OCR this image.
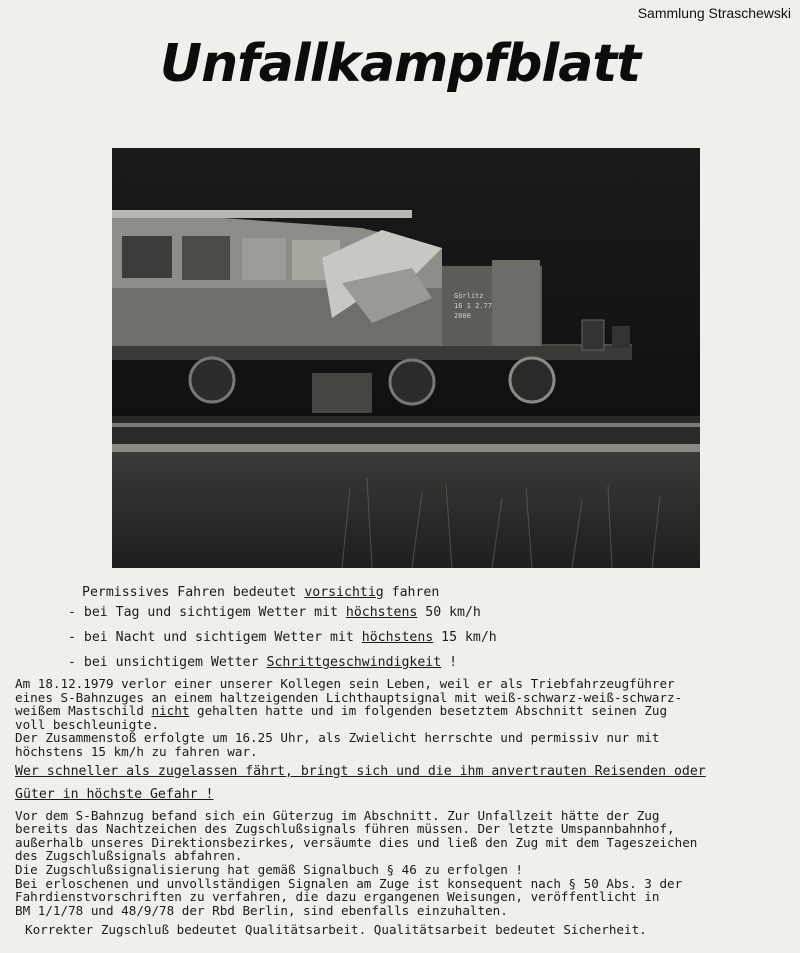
Sammlung Straschewski
Unfallkampfblatt
Görlitz
16 1 2.77
2000
Permissives Fahren bedeutet vorsichtig fahren
- bei Tag und sichtigem Wetter mit höchstens 50 km/h
- bei Nacht und sichtigem Wetter mit höchstens 15 km/h
- bei unsichtigem Wetter Schrittgeschwindigkeit !

Am 18.12.1979 verlor einer unserer Kollegen sein Leben, weil er als Triebfahrzeugführer

eines S-Bahnzuges an einem haltzeigenden Lichthauptsignal mit weiß-schwarz-weiß-schwarz-

weißem Mastschild nicht gehalten hatte und im folgenden besetztem Abschnitt seinen Zug

voll beschleunigte.

Der Zusammenstoß erfolgte um 16.25 Uhr, als Zwielicht herrschte und permissiv nur mit

höchstens 15 km/h zu fahren war.

Wer schneller als zugelassen fährt, bringt sich und die ihm anvertrauten Reisenden oder

Güter in höchste Gefahr !

Vor dem S-Bahnzug befand sich ein Güterzug im Abschnitt. Zur Unfallzeit hätte der Zug

bereits das Nachtzeichen des Zugschlußsignals führen müssen. Der letzte Umspannbahnhof,

außerhalb unseres Direktionsbezirkes, versäumte dies und ließ den Zug mit dem Tageszeichen

des Zugschlußsignals abfahren.

Die Zugschlußsignalisierung hat gemäß Signalbuch § 46 zu erfolgen !

Bei erloschenen und unvollständigen Signalen am Zuge ist konsequent nach § 50 Abs. 3 der

Fahrdienstvorschriften zu verfahren, die dazu ergangenen Weisungen, veröffentlicht in

BM 1/1/78 und 48/9/78 der Rbd Berlin, sind ebenfalls einzuhalten.

Korrekter Zugschluß bedeutet Qualitätsarbeit. Qualitätsarbeit bedeutet Sicherheit.
